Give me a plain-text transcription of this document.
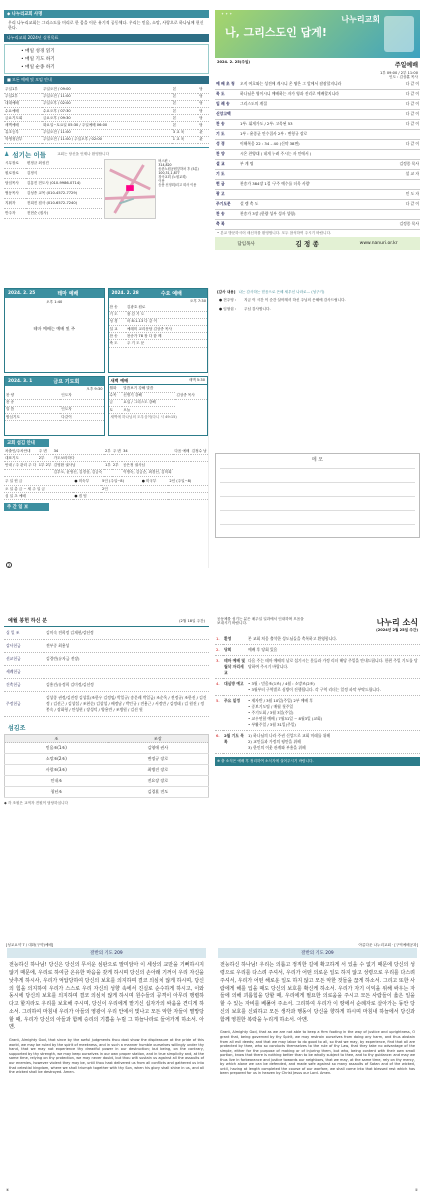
◆ 나누리교회 사명
우리 나누리교회는 그리스도를 머리로 한 몸을 이룬 유기적 공동체다. 우리는 믿음, 소망, 사랑으로 하나님께 헌신한다.
나누리교회 2024년 실천목표
• 매일 성경 읽기
• 매일 기도 하기
• 매일 순종 하기
■ 모든 예배 및 모임 안내
주일1부	주일오전 / 09:00	본	당
주일2부	주일오전 / 11:00	본	당
대대예배	주일오후 / 02:00	본	당
수요예배	수요오후 / 07:30	본	당
금요기도회	금요오후 / 09:30	본	당
새벽예배	화요일~토요일 05:30 / 주일예배 06:00	본	당
유초등부	주일오전 / 11:00	3 교 육	관
학생청년부	주일오전 / 11:00 / 주일오후 / 02:00	1 교 육	관
♟ 섬기는 이들	교회는 당신을 언제나 환영합니다
시무장로	변정규 최성진
원로장로	김정식
담임목사	김흥진 전도사 (010-9986-0714)
협동목사	김성종 교목 (010-4572-7729)
지휘자	전희진 집사 (010-6572-7240)
반주자	전현순 (집사)
버스편 :
314,820
송촌노원공원앞하차 후 (5분)
100,31,1,877
창곡교회 (노원교회)
이용
승용 신정회/리고 회사 이용
✦ ✦ ✦
나누리교회
나, 그리스도인 답게!
2024. 2. 25(주일)	주일예배
1부 09:00 / 2부 11:00
인도 : 김상훈 목사
예 배 초 청	오직 여호와는 성전에 계시니 온 땅은 그 앞에서 잠잠할지니라	다 같 이
묵 도	하나님은 영이시니 예배하는 자가 영과 진리로 예배할지니라	다 같 이
입 례 송	그리스도의 계절	다 같 이
신앙고백		다 같 이
찬 송	1부: 휘게가도 / 2부: 고목된 53	다 같 이
기 도	1부 : 윤종균 안수집사 2부 : 변형규 장로	
성 경	이해복음 22 : 34 – 40 (신약 38면)	다 같 이
찬 양	시온 찬양대 ( 네게 누려 주시는 자 인에서 )	
설 교	부 계 명	김정종 목사
기 도		설 교 자
헌 금	찬송가 384장 1절 '구주 예수를 더욱 사랑'	
광 고		인 도 자
주기도문	설 렘 축 도	다 같 이
찬 송	찬송가 3장 (한량 성부 성자 성령)	
축 복		김정종 목사
• 본교 방문하시어 새신자를 환영합니다. 모두 참석하여 주시기 바랍니다.
담임목사	김 정 종	www.nanuri.or.kr
2024. 2. 25	테마 예배
오후 1:40
테마 예배는 예배 및 주
2024. 2. 28	수요 예배
오후 7:30
찬 송	김광호 원로
기 도	참 감 기 도
성 경	마 8:1-13 다 같 이
설 교	예레미 교리문답 김상종 목사
찬 송	찬송가 78 장 다 함 께
축 도	주 기 도 문
2024. 3. 1	금요 기도회
오후 9:30
찬 양	인도자
찬 송	
말 씀	인도자
합심기도	다같이
새벽 예배	새벽 5:30
월화	말씀보기 강해 말씀	
수목	신명기 강해	김상종 목사
금	요일 / 그리스도 강해	
토	오늘	
새벽에 하나님의 도우심이(다니 시 49:15)
교회 섬김 안내
차출인/주차안내	주 변	34	2부	주 변	34	다음 예배	김정수 남
대표기도	2부	가도보라하다					
안내 / 주 관리 주 다	1부 2부	김영환 권사님	1부	2부	공은정 권사님		
		김부오, 윤영신, 김경상, 김금숙			이명숙, 김금순, 최경선, 김미희		
주 일 헌 금	● 미숙부	5인 (주일~8)	● 미국부	2인 (주일~8)
오 일 총 금 ~ 세 주 일 금		2인		
십 일 초 예배	● 짐 팀			
주 간 일 보
2
[감사 내용] 나는 감사하는 믿음으로 은혜 세우신 나라로... (성구기)
● 전주영 :	지금 이 시간 이 순간 살아계셔 하신 주님의 은혜에 감사드립니다.
● 임형섭 :	주님 감사합니다.
메 모
예월 봉헌 하신 분	(2월 18일 주간)
십 일 조	김미숙 전희정 김재현/강선정
감사헌금	전부중 최용성
선교헌금	김경란(유자금 전장)
세례헌금	
건축헌금	김흥건/유정희 김미정/김선정
주정헌금	김상종 권정/김진정 김상훈/조한우 김정임/ 박일규/ 송문레 박일금/ 조순옥 / 전정규/ 조한진 / 김건정 / 김선근 / 김상섭 / 조현순/ 김상섭 / 배정남 / 박인규 / 전용근 / 서정만 / 김정태 / 김 원진 / 정봉숙 / 장화형 / 안성현 / 장성덕 / 양용만 / 조병원 / 김선 원
섬김조
조	조장
믿음조(1조)	김영애 권사
소망조(2조)	변정규 장로
사랑조(3조)	최병진 장로
인내조	전요장 장로
청년조	김경훈 전도
◆ 각 조원은 교역자 전원이 담당하십니다
공동체를 섬기는 분은 매주일 일과에서 인내하며 모음을 보내시기 바랍니다.	나누리 소식
(2024년 2월 25일 주간)
1.	환영	본 교회 처음 출석한 성도님들을 축복하고 환영합니다.
2.	당회	예배 후 당회 있음
3.	테마 예배 및 월삭 자리세교	다음 주는 테마 예배의 날로 섬기시는 분들과 가정 리더 해당 주일을 안내드립니다. 한편 주일 기도를 담당하여 주시기 바랍니다.
4.	대심방 예고	• 3월 : 믿음조(1조) / 4월 : 소망조(2조)
• 3월부터 구역별로 심방이 진행됩니다. 각 구역 리더는 일정 파악 부탁드립니다.
5.	주요 일정	• 제자반 / 3월 10일(주일) 2부 예배 후
• 중보기도팀 / 매월 첫주일
• 주기도회 / 3월 3일(주일)
• 교우연합 예배 / 7월31일 ~ 8월3일 (교회)
• 부활주일 / 3월 31일(주일)
6.	2월 기도 목록	1) 하나님의 나라 주권 신앙으로 교회 미래를 위해
2) 교인들과 가정의 평안을 위해
3) 한인의 이웃 관계와 부흥을 위해
※ 출 소식은 예배 후 정리하여 소식지에 실어주시기 바랍니다.
[성교요약 7 / 대화(구약)예배]
잘반의 기도 209
전능하신 하나님! 당신은 당신의 무서운 심판으로 말미암아 이 세상의 교만을 기뻐하시지 않기 때문에, 우리로 하여금 온유한 마음을 갖게 하시며 당신의 손아래 기꺼이 우리 자신을 낮추게 하시사, 우리가 억압당하여 당신의 보호를 의지하며 결코 의심치 않게 하시며, 당신의 힘을 의지하여 우리가 스스로 우리 자신의 성향 속에서 진실로 순수하게 하시고, 이와 동시에 당신의 보호를 의지하며 결코 의심치 않게 하시며 원수들의 공격이 아무리 맹렬하다고 할지라도 우리를 보호해 주시며, 당신이 우리에게 맡기신 십자가의 싸움을 견디게 하소서. 그리하여 마침내 우리가 아들의 영광이 우리 안에서 빛나고 모든 악한 자들이 멸망당할 때, 우리가 당신의 아들과 함께 승리의 기쁨을 누릴 그 하늘나라로 들어가게 하소서. 아멘.
Grant, Almighty God, that since by the awful judgments thou dost show the displeasure at the pride of this world, we may be ruled by the spirit of meekness, and in such a manner humble ourselves willingly under thy hand, that we may not experience thy dreadful power in our destruction; but being, on the contrary, supported by thy strength, we may keep ourselves in our own proper station, and in true simplicity and, at the same time, relying on thy protection, we may never doubt, but thou wilt sustain us against all the assaults of our enemies, however violent they may be, until thou hast delivered us from all conflicts and gathered us into that celestial kingdom, where we shall triumph together with thy Son, when his glory shall shine in us, and all the wicked shall be destroyed. Amen.
④
아름다운 나누리교회 · [구역예배공과]
잘반의 기도 209
전능하신 하나님! 우리는 의롭고 정직한 길에 확고하게 서 있을 수 없기 때문에 당신의 성령으로 우리를 다스려 주셔서, 우리가 어떤 의로운 일도 하지 않고 성령으로 우리를 다스려 주셔서, 우리가 어떤 해로운 일도 하지 않고 모든 악한 것들을 끊게 하소서. 그리고 또한 사람에게 해를 입을 때도 당신의 보호를 확신케 하소서. 우리가 자기 이익을 위해 싸우는 자들에 의해 괴롭힘을 당할 때, 우리에게 필요한 의로움을 주시고 모든 사람들이 옳은 일을 할 수 있는 자비를 베풀어 주소서. 그리하여 우리가 이 땅에서 순례자로 살아가는 동안 당신의 보호를 신뢰하고 모든 생각과 행동이 당신을 향하게 하시며 마침내 하늘에서 당신과 함께 영원한 복락을 누리게 하소서. 아멘.
Grant, Almighty God, that as we are not able to keep a firm footing in the way of justice and uprightness, O grant that, being governed by thy Spirit, we may restrain ourselves from doing any harm, and thus abstain from all evil deeds; and that we may labor to do good to all, so that we may, by experience, find that all are protected by thee, who so conducts themselves to the rule of thy Law, that they take no advantage of the simple, either for the purpose of making or of injuring them, but who, being content with their own small portion, know that there is nothing better than to be wholly subject to thee, and to thy guidance: and may we thus live in forbearance and justice towards our neighbors, that we may, at the same time, rely on thy mercy, by which alone we can be defended, and made safe against so many assaults of Satan and of the wicked, until, having at length completed the course of our warfare, we shall come into that blessed rest which has been prepared for us in heaven by Christ Jesus our Lord. Amen.
①
